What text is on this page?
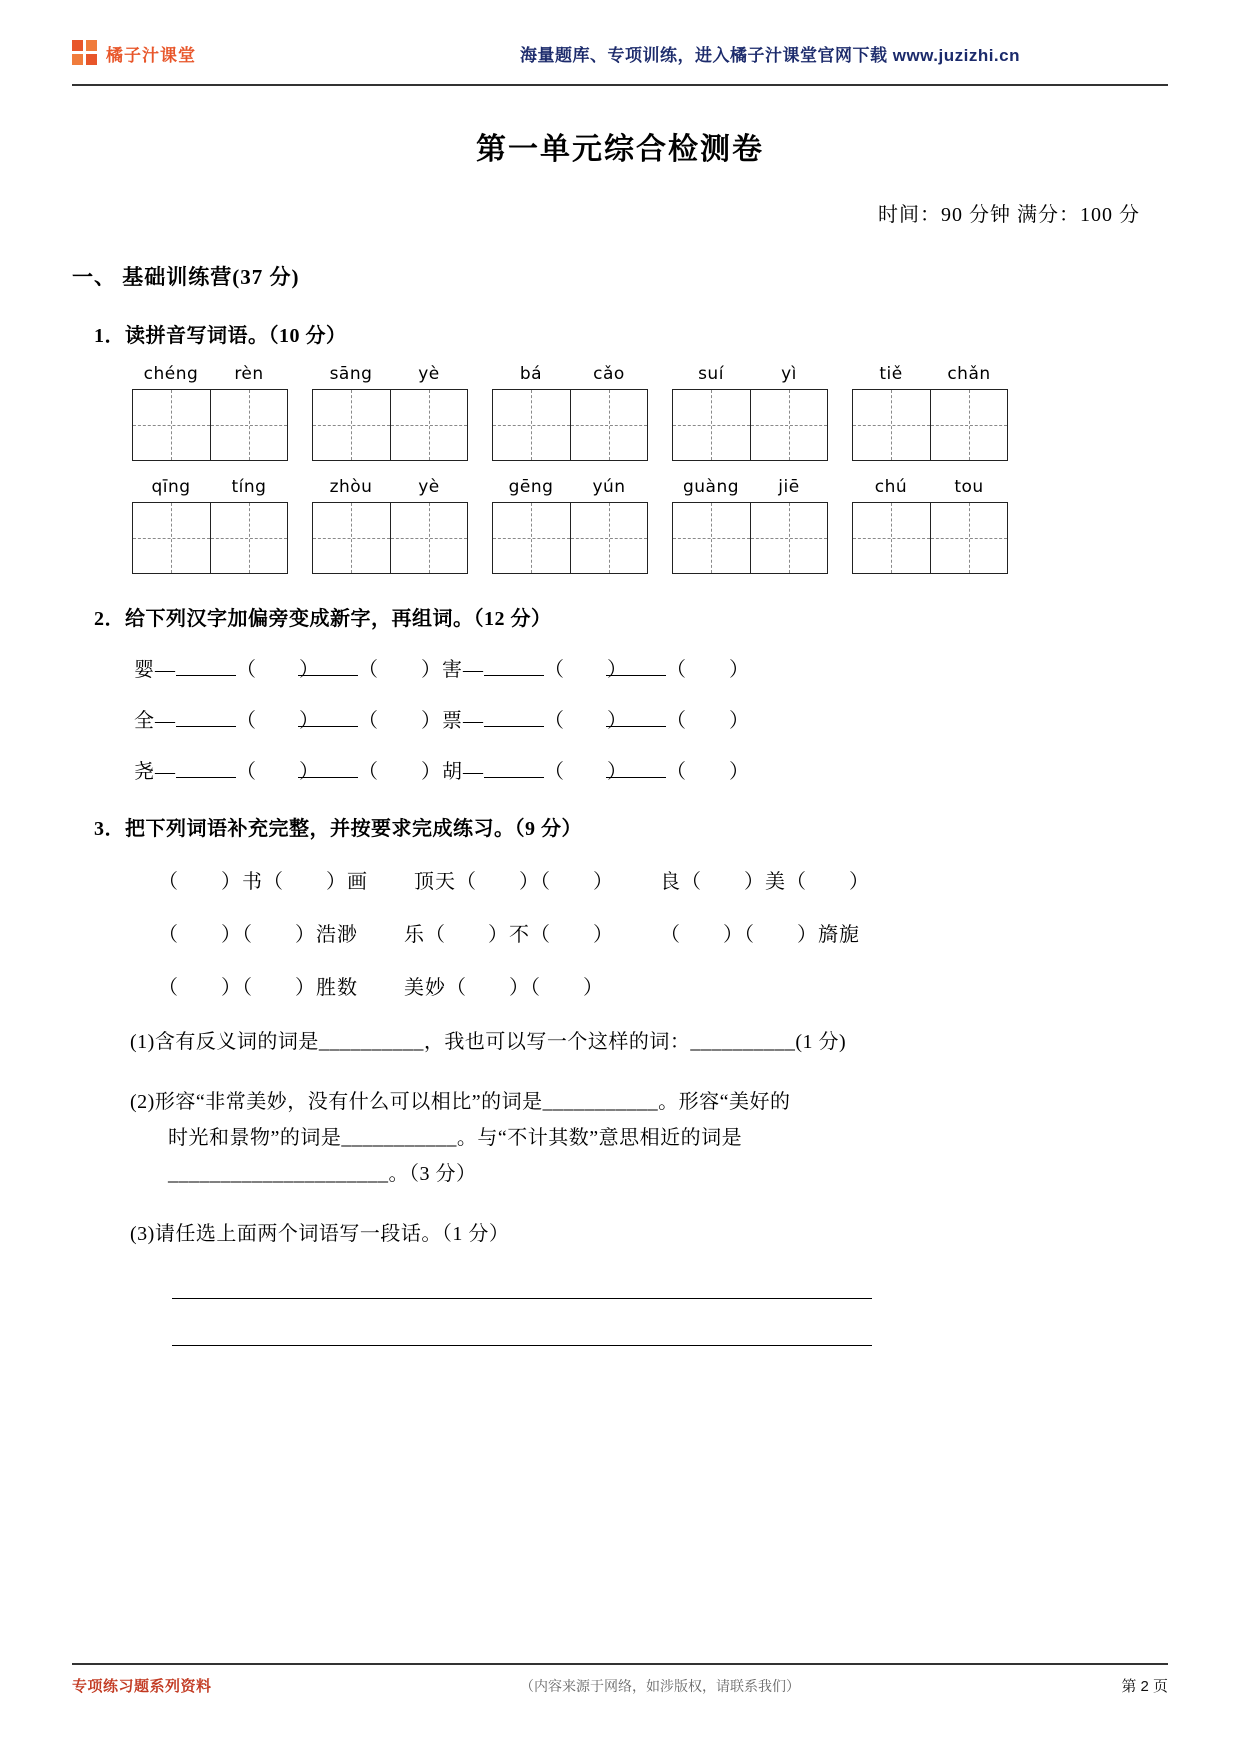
橘子汁课堂	海量题库、专项训练，进入橘子汁课堂官网下载 www.juzizhi.cn
第一单元综合检测卷
时间：90 分钟 满分：100 分
一、 基础训练营(37 分)
1．读拼音写词语。（10 分）
chéng	rèn	sāng	yè	bá	cǎo	suí	yì	tiě	chǎn
qīng	tíng	zhòu	yè	gēng	yún	guàng	jiē	chú	tou
2．给下列汉字加偏旁变成新字，再组词。（12 分）
婴—	（　　） （　　） 害—	（　　） （　　）
全—	（　　） （　　） 票—	（　　） （　　）
尧—	（　　） （　　） 胡—	（　　） （　　）
3．把下列词语补充完整，并按要求完成练习。（9 分）
（　　）书（　　）画 顶天（　　）（　　） 良（　　）美（　　）
（　　）（　　）浩渺 乐（　　）不（　　） （　　）（　　）旖旎
（　　）（　　）胜数 美妙（　　）（　　）
(1)含有反义词的词是__________，我也可以写一个这样的词：__________(1 分)
(2)形容“非常美妙，没有什么可以相比”的词是___________。形容“美好的
时光和景物”的词是___________。与“不计其数”意思相近的词是
_____________________。（3 分）
(3)请任选上面两个词语写一段话。（1 分）
专项练习题系列资料	（内容来源于网络，如涉版权，请联系我们）	第 2 页
